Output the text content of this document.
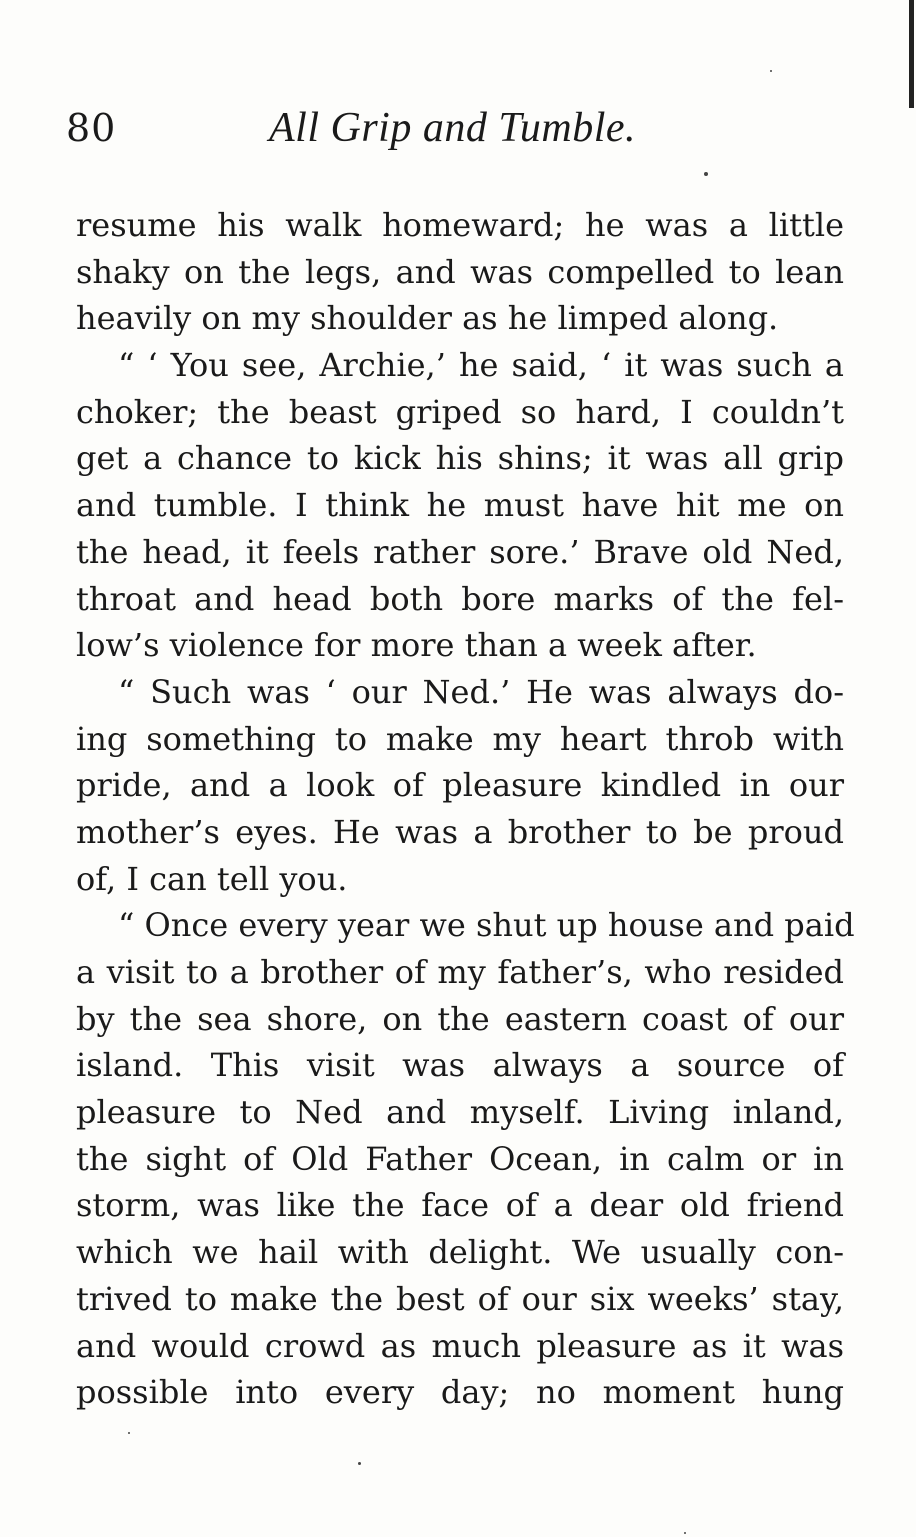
80	All Grip and Tumble.
resume his walk homeward; he was a little
shaky on the legs, and was compelled to lean
heavily on my shoulder as he limped along.
“ ‘ You see, Archie,’ he said, ‘ it was such a
choker; the beast griped so hard, I couldn’t
get a chance to kick his shins; it was all grip
and tumble. I think he must have hit me on
the head, it feels rather sore.’ Brave old Ned,
throat and head both bore marks of the fel-
low’s violence for more than a week after.
“ Such was ‘ our Ned.’ He was always do-
ing something to make my heart throb with
pride, and a look of pleasure kindled in our
mother’s eyes. He was a brother to be proud
of, I can tell you.
“ Once every year we shut up house and paid
a visit to a brother of my father’s, who resided
by the sea shore, on the eastern coast of our
island. This visit was always a source of
pleasure to Ned and myself. Living inland,
the sight of Old Father Ocean, in calm or in
storm, was like the face of a dear old friend
which we hail with delight. We usually con-
trived to make the best of our six weeks’ stay,
and would crowd as much pleasure as it was
possible into every day; no moment hung
